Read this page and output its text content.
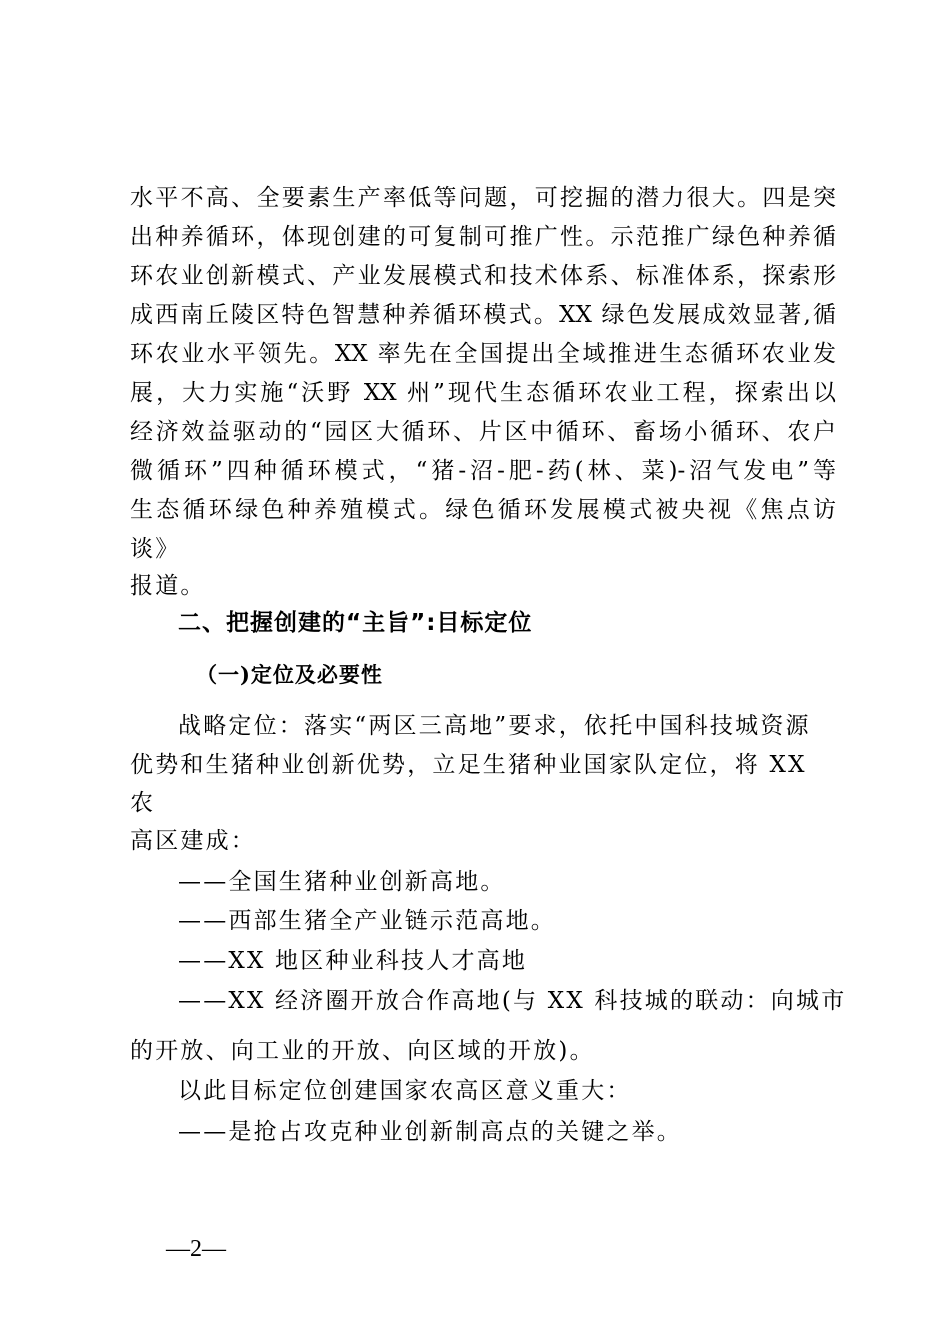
水平不高、全要素生产率低等问题，可挖掘的潜力很大。四是突
出种养循环，体现创建的可复制可推广性。示范推广绿色种养循
环农业创新模式、产业发展模式和技术体系、标准体系，探索形
成西南丘陵区特色智慧种养循环模式。XX 绿色发展成效显著,循
环农业水平领先。XX 率先在全国提出全域推进生态循环农业发
展，大力实施“沃野 XX 州”现代生态循环农业工程，探索出以
经济效益驱动的“园区大循环、片区中循环、畜场小循环、农户
微循环”四种循环模式，“猪-沼-肥-药(林、菜)-沼气发电”等
生态循环绿色种养殖模式。绿色循环发展模式被央视《焦点访
谈》
报道。
二、把握创建的“主旨”:目标定位
（一)定位及必要性
战略定位：落实“两区三高地”要求，依托中国科技城资源
优势和生猪种业创新优势，立足生猪种业国家队定位，将 XX
农
高区建成：
——全国生猪种业创新高地。
——西部生猪全产业链示范高地。
——XX 地区种业科技人才高地
——XX 经济圈开放合作高地(与 XX 科技城的联动：向城市
的开放、向工业的开放、向区域的开放)。
以此目标定位创建国家农高区意义重大：
——是抢占攻克种业创新制高点的关键之举。
—2—
